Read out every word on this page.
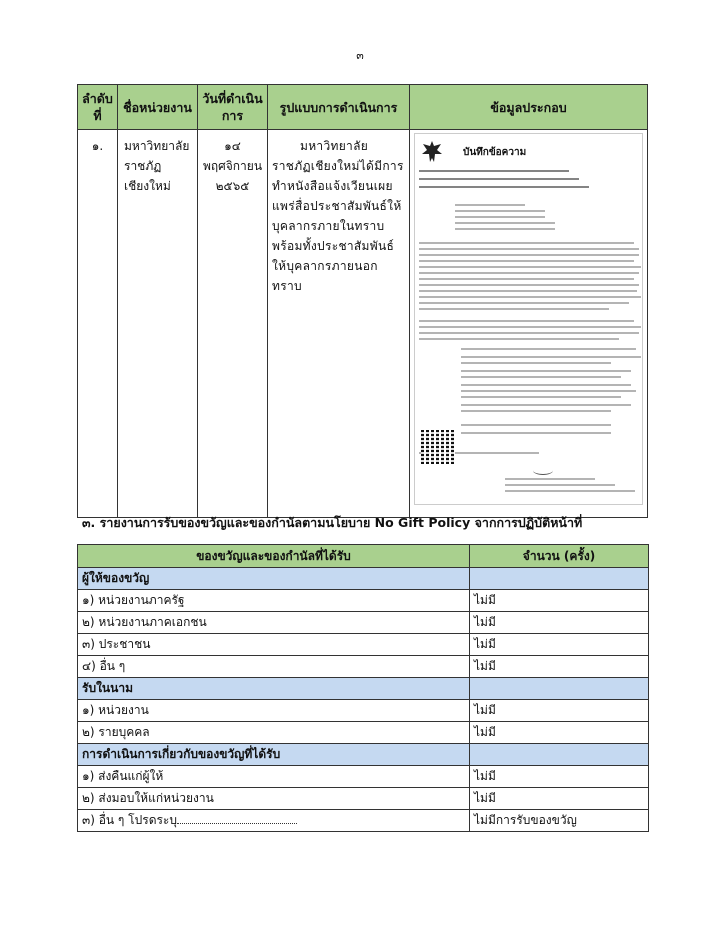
๓
ลำดับที่	ชื่อหน่วยงาน	วันที่ดำเนินการ	รูปแบบการดำเนินการ	ข้อมูลประกอบ
๑.	มหาวิทยาลัยราชภัฏเชียงใหม่	๑๔ พฤศจิกายน ๒๕๖๕	มหาวิทยาลัยราชภัฏเชียงใหม่ได้มีการทำหนังสือแจ้งเวียนเผยแพร่สื่อประชาสัมพันธ์ให้บุคลากรภายในทราบ พร้อมทั้งประชาสัมพันธ์ให้บุคลากรภายนอกทราบ	บันทึกข้อความ
๓. รายงานการรับของขวัญและของกำนัลตามนโยบาย No Gift Policy จากการปฏิบัติหน้าที่
ของขวัญและของกำนัลที่ได้รับ	จำนวน (ครั้ง)
ผู้ให้ของขวัญ	
๑) หน่วยงานภาครัฐ	ไม่มี
๒) หน่วยงานภาคเอกชน	ไม่มี
๓) ประชาชน	ไม่มี
๔) อื่น ๆ	ไม่มี
รับในนาม	
๑) หน่วยงาน	ไม่มี
๒) รายบุคคล	ไม่มี
การดำเนินการเกี่ยวกับของขวัญที่ได้รับ	
๑) ส่งคืนแก่ผู้ให้	ไม่มี
๒) ส่งมอบให้แก่หน่วยงาน	ไม่มี
๓) อื่น ๆ โปรดระบุ	ไม่มีการรับของขวัญ
